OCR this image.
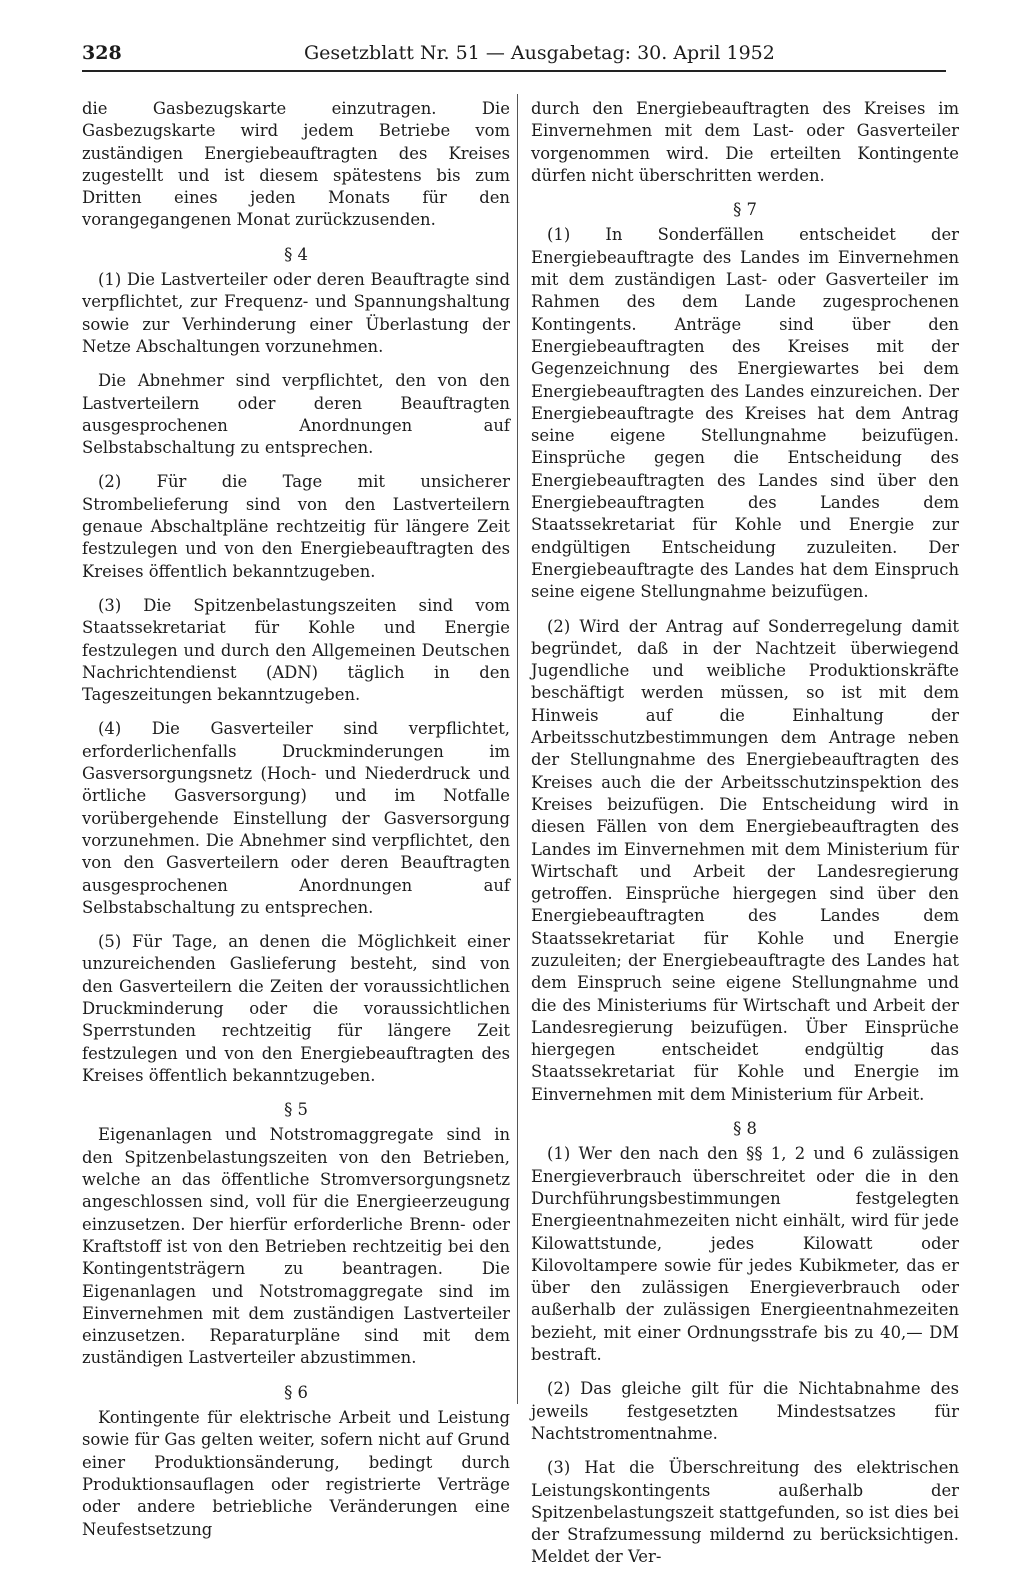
328	Gesetzblatt Nr. 51 — Ausgabetag: 30. April 1952

die Gasbezugskarte einzutragen. Die Gasbezugskarte wird jedem Betriebe vom zuständigen Energiebeauftragten des Kreises zugestellt und ist diesem spätestens bis zum Dritten eines jeden Monats für den vorangegangenen Monat zurückzusenden.

§ 4

(1) Die Lastverteiler oder deren Beauftragte sind verpflichtet, zur Frequenz- und Spannungshaltung sowie zur Verhinderung einer Überlastung der Netze Abschaltungen vorzunehmen.

Die Abnehmer sind verpflichtet, den von den Lastverteilern oder deren Beauftragten ausgesprochenen Anordnungen auf Selbstabschaltung zu entsprechen.

(2) Für die Tage mit unsicherer Strombelieferung sind von den Lastverteilern genaue Abschaltpläne rechtzeitig für längere Zeit festzulegen und von den Energiebeauftragten des Kreises öffentlich bekanntzugeben.

(3) Die Spitzenbelastungszeiten sind vom Staatssekretariat für Kohle und Energie festzulegen und durch den Allgemeinen Deutschen Nachrichtendienst (ADN) täglich in den Tageszeitungen bekanntzugeben.

(4) Die Gasverteiler sind verpflichtet, erforderlichenfalls Druckminderungen im Gasversorgungsnetz (Hoch- und Niederdruck und örtliche Gasversorgung) und im Notfalle vorübergehende Einstellung der Gasversorgung vorzunehmen. Die Abnehmer sind verpflichtet, den von den Gasverteilern oder deren Beauftragten ausgesprochenen Anordnungen auf Selbstabschaltung zu entsprechen.

(5) Für Tage, an denen die Möglichkeit einer unzureichenden Gaslieferung besteht, sind von den Gasverteilern die Zeiten der voraussichtlichen Druckminderung oder die voraussichtlichen Sperrstunden rechtzeitig für längere Zeit festzulegen und von den Energiebeauftragten des Kreises öffentlich bekanntzugeben.

§ 5

Eigenanlagen und Notstromaggregate sind in den Spitzenbelastungszeiten von den Betrieben, welche an das öffentliche Stromversorgungsnetz angeschlossen sind, voll für die Energieerzeugung einzusetzen. Der hierfür erforderliche Brenn- oder Kraftstoff ist von den Betrieben rechtzeitig bei den Kontingentsträgern zu beantragen. Die Eigenanlagen und Notstromaggregate sind im Einvernehmen mit dem zuständigen Lastverteiler einzusetzen. Reparaturpläne sind mit dem zuständigen Lastverteiler abzustimmen.

§ 6

Kontingente für elektrische Arbeit und Leistung sowie für Gas gelten weiter, sofern nicht auf Grund einer Produktionsänderung, bedingt durch Produktionsauflagen oder registrierte Verträge oder andere betriebliche Veränderungen eine Neufestsetzung

durch den Energiebeauftragten des Kreises im Einvernehmen mit dem Last- oder Gasverteiler vorgenommen wird. Die erteilten Kontingente dürfen nicht überschritten werden.

§ 7

(1) In Sonderfällen entscheidet der Energiebeauftragte des Landes im Einvernehmen mit dem zuständigen Last- oder Gasverteiler im Rahmen des dem Lande zugesprochenen Kontingents. Anträge sind über den Energiebeauftragten des Kreises mit der Gegenzeichnung des Energiewartes bei dem Energiebeauftragten des Landes einzureichen. Der Energiebeauftragte des Kreises hat dem Antrag seine eigene Stellungnahme beizufügen. Einsprüche gegen die Entscheidung des Energiebeauftragten des Landes sind über den Energiebeauftragten des Landes dem Staatssekretariat für Kohle und Energie zur endgültigen Entscheidung zuzuleiten. Der Energiebeauftragte des Landes hat dem Einspruch seine eigene Stellungnahme beizufügen.

(2) Wird der Antrag auf Sonderregelung damit begründet, daß in der Nachtzeit überwiegend Jugendliche und weibliche Produktionskräfte beschäftigt werden müssen, so ist mit dem Hinweis auf die Einhaltung der Arbeitsschutzbestimmungen dem Antrage neben der Stellungnahme des Energiebeauftragten des Kreises auch die der Arbeitsschutzinspektion des Kreises beizufügen. Die Entscheidung wird in diesen Fällen von dem Energiebeauftragten des Landes im Einvernehmen mit dem Ministerium für Wirtschaft und Arbeit der Landesregierung getroffen. Einsprüche hiergegen sind über den Energiebeauftragten des Landes dem Staatssekretariat für Kohle und Energie zuzuleiten; der Energiebeauftragte des Landes hat dem Einspruch seine eigene Stellungnahme und die des Ministeriums für Wirtschaft und Arbeit der Landesregierung beizufügen. Über Einsprüche hiergegen entscheidet endgültig das Staatssekretariat für Kohle und Energie im Einvernehmen mit dem Ministerium für Arbeit.

§ 8

(1) Wer den nach den §§ 1, 2 und 6 zulässigen Energieverbrauch überschreitet oder die in den Durchführungsbestimmungen festgelegten Energieentnahmezeiten nicht einhält, wird für jede Kilowattstunde, jedes Kilowatt oder Kilovoltampere sowie für jedes Kubikmeter, das er über den zulässigen Energieverbrauch oder außerhalb der zulässigen Energieentnahmezeiten bezieht, mit einer Ordnungsstrafe bis zu 40,— DM bestraft.

(2) Das gleiche gilt für die Nichtabnahme des jeweils festgesetzten Mindestsatzes für Nachtstromentnahme.

(3) Hat die Überschreitung des elektrischen Leistungskontingents außerhalb der Spitzenbelastungszeit stattgefunden, so ist dies bei der Strafzumessung mildernd zu berücksichtigen. Meldet der Ver-
